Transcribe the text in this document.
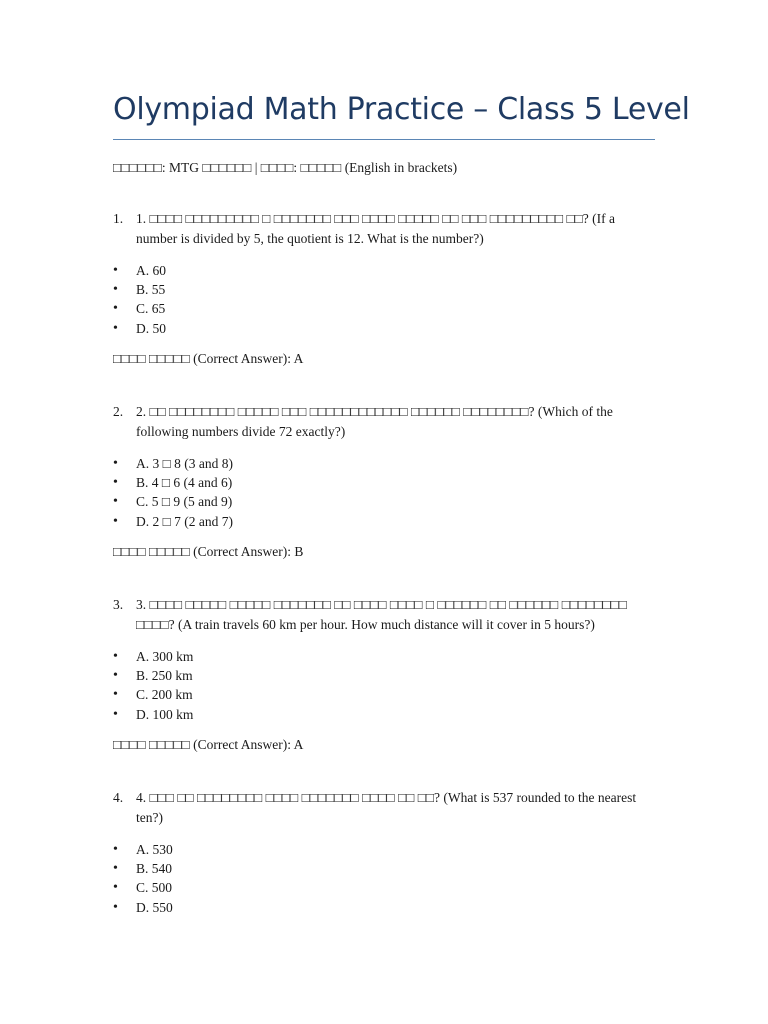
Olympiad Math Practice – Class 5 Level
□□□□□□: MTG □□□□□□ | □□□□: □□□□□ (English in brackets)
1. 1. □□□□ □□□□□□□□□ □ □□□□□□□ □□□ □□□□ □□□□□ □□ □□□ □□□□□□□□□ □□? (If a number is divided by 5, the quotient is 12. What is the number?)
• A. 60
• B. 55
• C. 65
• D. 50
□□□□ □□□□□ (Correct Answer): A
2. 2. □□ □□□□□□□□ □□□□□ □□□ □□□□□□□□□□□□ □□□□□□ □□□□□□□□? (Which of the following numbers divide 72 exactly?)
• A. 3 □ 8 (3 and 8)
• B. 4 □ 6 (4 and 6)
• C. 5 □ 9 (5 and 9)
• D. 2 □ 7 (2 and 7)
□□□□ □□□□□ (Correct Answer): B
3. 3. □□□□ □□□□□ □□□□□ □□□□□□□ □□ □□□□ □□□□ □ □□□□□□ □□ □□□□□□ □□□□□□□□ □□□□? (A train travels 60 km per hour. How much distance will it cover in 5 hours?)
• A. 300 km
• B. 250 km
• C. 200 km
• D. 100 km
□□□□ □□□□□ (Correct Answer): A
4. 4. □□□ □□ □□□□□□□□ □□□□ □□□□□□□ □□□□ □□ □□? (What is 537 rounded to the nearest ten?)
• A. 530
• B. 540
• C. 500
• D. 550
